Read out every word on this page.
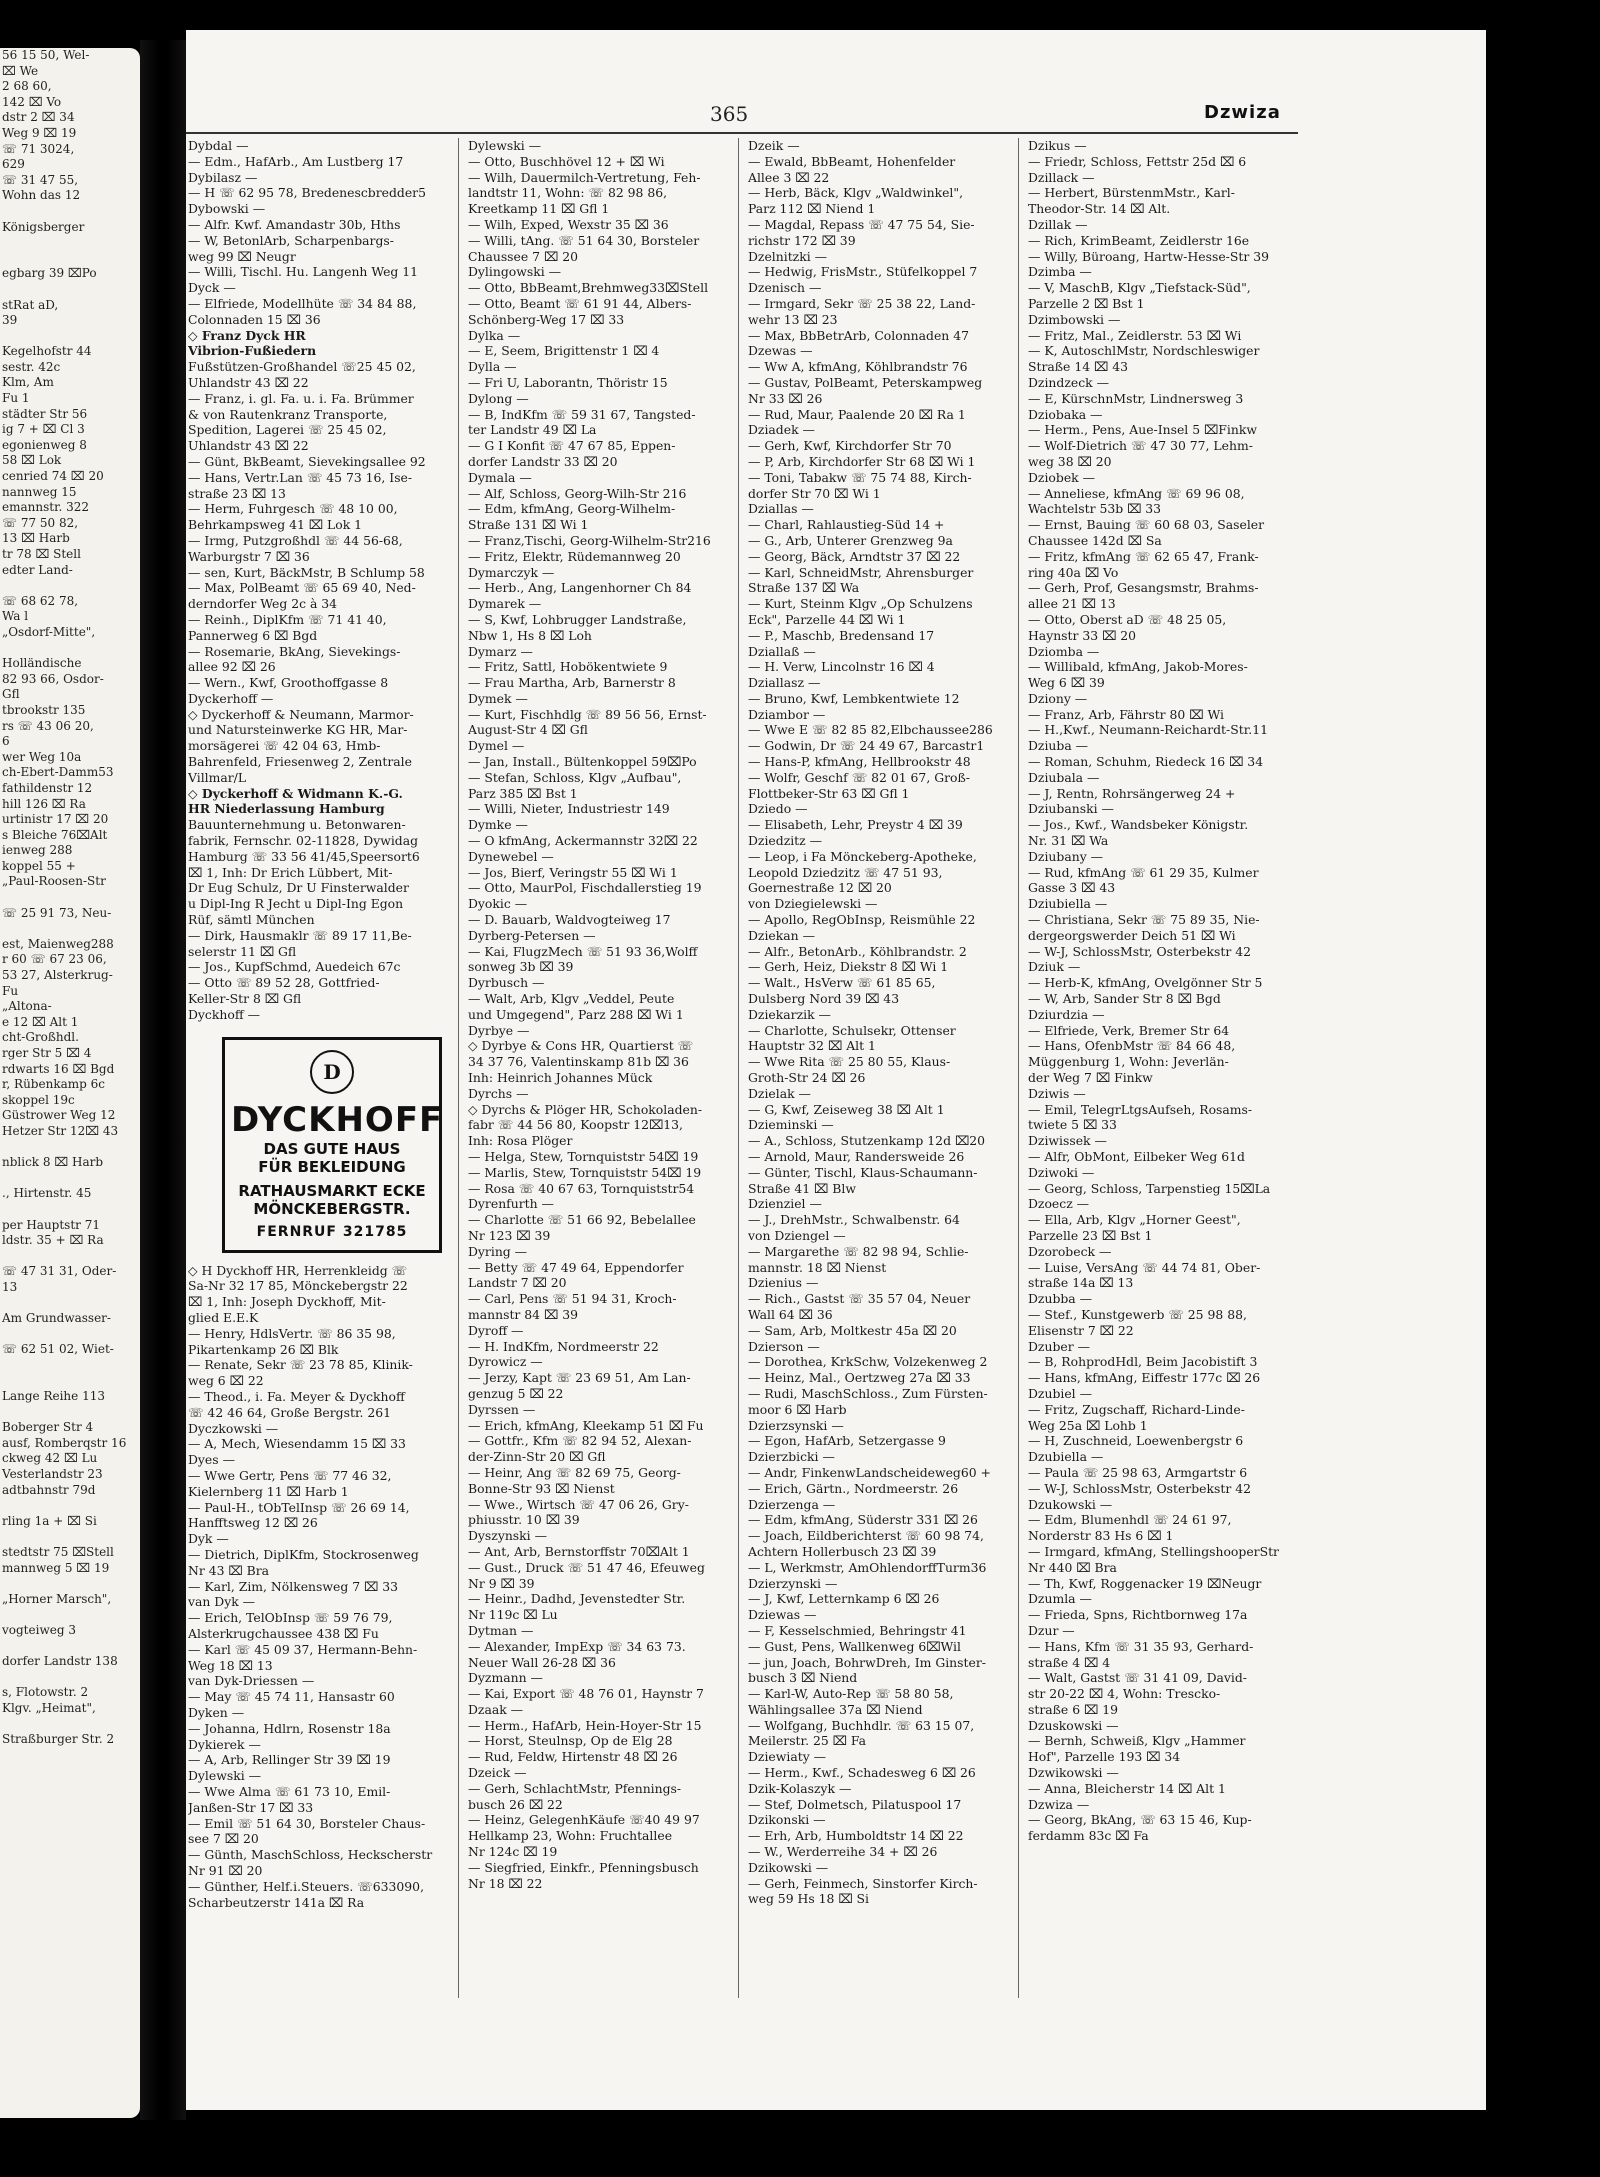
56 15 50, Wel-
⌧ We
2 68 60,
142 ⌧ Vo
dstr 2 ⌧ 34
Weg 9 ⌧ 19
☏ 71 3024,
629
☏ 31 47 55,
Wohn das 12

Königsberger

egbarg 39 ⌧Po

stRat aD,
39

Kegelhofstr 44
sestr. 42c
Klm, Am
Fu 1
städter Str 56
ig 7 + ⌧ Cl 3
egonienweg 8
58 ⌧ Lok
cenried 74 ⌧ 20
nannweg 15
emannstr. 322
☏ 77 50 82,
13 ⌧ Harb
tr 78 ⌧ Stell
edter Land-

☏ 68 62 78,
Wa l
„Osdorf-Mitte",

Holländische
82 93 66, Osdor-
Gfl
tbrookstr 135
rs ☏ 43 06 20,
6
wer Weg 10a
ch-Ebert-Damm53
fathildenstr 12
hill 126 ⌧ Ra
urtinistr 17 ⌧ 20
s Bleiche 76⌧Alt
ienweg 288
koppel 55 +
„Paul-Roosen-Str

☏ 25 91 73, Neu-

est, Maienweg288
r 60 ☏ 67 23 06,
53 27, Alsterkrug-
Fu
„Altona-
e 12 ⌧ Alt 1
cht-Großhdl.
rger Str 5 ⌧ 4
rdwarts 16 ⌧ Bgd
r, Rübenkamp 6c
skoppel 19c
Güstrower Weg 12
Hetzer Str 12⌧ 43

nblick 8 ⌧ Harb

., Hirtenstr. 45

per Hauptstr 71
ldstr. 35 + ⌧ Ra

☏ 47 31 31, Oder-
13

Am Grundwasser-

☏ 62 51 02, Wiet-

Lange Reihe 113

Boberger Str 4
ausf, Romberqstr 16
ckweg 42 ⌧ Lu
Vesterlandstr 23
adtbahnstr 79d

rling 1a + ⌧ Si

stedtstr 75 ⌧Stell
mannweg 5 ⌧ 19

„Horner Marsch",

vogteiweg 3

dorfer Landstr 138

s, Flotowstr. 2
Klgv. „Heimat",

Straßburger Str. 2
365	Dzwiza
Dybdal —
— Edm., HafArb., Am Lustberg 17
Dybilasz —
— H ☏ 62 95 78, Bredenescbredder5
Dybowski —
— Alfr. Kwf. Amandastr 30b, Hths
— W, BetonlArb, Scharpenbargs-
weg 99 ⌧ Neugr
— Willi, Tischl. Hu. Langenh Weg 11
Dyck —
— Elfriede, Modellhüte ☏ 34 84 88,
Colonnaden 15 ⌧ 36
◇ Franz Dyck HR
Vibrion-Fußiedern
Fußstützen-Großhandel ☏25 45 02,
Uhlandstr 43 ⌧ 22
— Franz, i. gl. Fa. u. i. Fa. Brümmer
& von Rautenkranz Transporte,
Spedition, Lagerei ☏ 25 45 02,
Uhlandstr 43 ⌧ 22
— Günt, BkBeamt, Sievekingsallee 92
— Hans, Vertr.Lan ☏ 45 73 16, Ise-
straße 23 ⌧ 13
— Herm, Fuhrgesch ☏ 48 10 00,
Behrkampsweg 41 ⌧ Lok 1
— Irmg, Putzgroßhdl ☏ 44 56-68,
Warburgstr 7 ⌧ 36
— sen, Kurt, BäckMstr, B Schlump 58
— Max, PolBeamt ☏ 65 69 40, Ned-
derndorfer Weg 2c à 34
— Reinh., DiplKfm ☏ 71 41 40,
Pannerweg 6 ⌧ Bgd
— Rosemarie, BkAng, Sievekings-
allee 92 ⌧ 26
— Wern., Kwf, Groothoffgasse 8
Dyckerhoff —
◇ Dyckerhoff & Neumann, Marmor-
und Natursteinwerke KG HR, Mar-
morsägerei ☏ 42 04 63, Hmb-
Bahrenfeld, Friesenweg 2, Zentrale
Villmar/L
◇ Dyckerhoff & Widmann K.-G.
HR Niederlassung Hamburg
Bauunternehmung u. Betonwaren-
fabrik, Fernschr. 02-11828, Dywidag
Hamburg ☏ 33 56 41/45,Speersort6
⌧ 1, Inh: Dr Erich Lübbert, Mit-
Dr Eug Schulz, Dr U Finsterwalder
u Dipl-Ing R Jecht u Dipl-Ing Egon
Rüf, sämtl München
— Dirk, Hausmaklr ☏ 89 17 11,Be-
selerstr 11 ⌧ Gfl
— Jos., KupfSchmd, Auedeich 67c
— Otto ☏ 89 52 28, Gottfried-
Keller-Str 8 ⌧ Gfl
Dyckhoff —
D
DYCKHOFF
DAS GUTE HAUS
FÜR BEKLEIDUNG
RATHAUSMARKT ECKE
MÖNCKEBERGSTR.
FERNRUF 321785
◇ H Dyckhoff HR, Herrenkleidg ☏
Sa-Nr 32 17 85, Mönckebergstr 22
⌧ 1, Inh: Joseph Dyckhoff, Mit-
glied E.E.K
— Henry, HdlsVertr. ☏ 86 35 98,
Pikartenkamp 26 ⌧ Blk
— Renate, Sekr ☏ 23 78 85, Klinik-
weg 6 ⌧ 22
— Theod., i. Fa. Meyer & Dyckhoff
☏ 42 46 64, Große Bergstr. 261
Dyczkowski —
— A, Mech, Wiesendamm 15 ⌧ 33
Dyes —
— Wwe Gertr, Pens ☏ 77 46 32,
Kielernberg 11 ⌧ Harb 1
— Paul-H., tObTelInsp ☏ 26 69 14,
Hanfftsweg 12 ⌧ 26
Dyk —
— Dietrich, DiplKfm, Stockrosenweg
Nr 43 ⌧ Bra
— Karl, Zim, Nölkensweg 7 ⌧ 33
van Dyk —
— Erich, TelObInsp ☏ 59 76 79,
Alsterkrugchaussee 438 ⌧ Fu
— Karl ☏ 45 09 37, Hermann-Behn-
Weg 18 ⌧ 13
van Dyk-Driessen —
— May ☏ 45 74 11, Hansastr 60
Dyken —
— Johanna, Hdlrn, Rosenstr 18a
Dykierek —
— A, Arb, Rellinger Str 39 ⌧ 19
Dylewski —
— Wwe Alma ☏ 61 73 10, Emil-
Janßen-Str 17 ⌧ 33
— Emil ☏ 51 64 30, Borsteler Chaus-
see 7 ⌧ 20
— Günth, MaschSchloss, Heckscherstr
Nr 91 ⌧ 20
— Günther, Helf.i.Steuers. ☏633090,
Scharbeutzerstr 141a ⌧ Ra
Dylewski —
— Otto, Buschhövel 12 + ⌧ Wi
— Wilh, Dauermilch-Vertretung, Feh-
landtstr 11, Wohn: ☏ 82 98 86,
Kreetkamp 11 ⌧ Gfl 1
— Wilh, Exped, Wexstr 35 ⌧ 36
— Willi, tAng. ☏ 51 64 30, Borsteler
Chaussee 7 ⌧ 20
Dylingowski —
— Otto, BbBeamt,Brehmweg33⌧Stell
— Otto, Beamt ☏ 61 91 44, Albers-
Schönberg-Weg 17 ⌧ 33
Dylka —
— E, Seem, Brigittenstr 1 ⌧ 4
Dylla —
— Fri U, Laborantn, Thöristr 15
Dylong —
— B, IndKfm ☏ 59 31 67, Tangsted-
ter Landstr 49 ⌧ La
— G I Konfit ☏ 47 67 85, Eppen-
dorfer Landstr 33 ⌧ 20
Dymala —
— Alf, Schloss, Georg-Wilh-Str 216
— Edm, kfmAng, Georg-Wilhelm-
Straße 131 ⌧ Wi 1
— Franz,Tischi, Georg-Wilhelm-Str216
— Fritz, Elektr, Rüdemannweg 20
Dymarczyk —
— Herb., Ang, Langenhorner Ch 84
Dymarek —
— S, Kwf, Lohbrugger Landstraße,
Nbw 1, Hs 8 ⌧ Loh
Dymarz —
— Fritz, Sattl, Hobökentwiete 9
— Frau Martha, Arb, Barnerstr 8
Dymek —
— Kurt, Fischhdlg ☏ 89 56 56, Ernst-
August-Str 4 ⌧ Gfl
Dymel —
— Jan, Install., Bültenkoppel 59⌧Po
— Stefan, Schloss, Klgv „Aufbau",
Parz 385 ⌧ Bst 1
— Willi, Nieter, Industriestr 149
Dymke —
— O kfmAng, Ackermannstr 32⌧ 22
Dynewebel —
— Jos, Bierf, Veringstr 55 ⌧ Wi 1
— Otto, MaurPol, Fischdallerstieg 19
Dyokic —
— D. Bauarb, Waldvogteiweg 17
Dyrberg-Petersen —
— Kai, FlugzMech ☏ 51 93 36,Wolff
sonweg 3b ⌧ 39
Dyrbusch —
— Walt, Arb, Klgv „Veddel, Peute
und Umgegend", Parz 288 ⌧ Wi 1
Dyrbye —
◇ Dyrbye & Cons HR, Quartierst ☏
34 37 76, Valentinskamp 81b ⌧ 36
Inh: Heinrich Johannes Mück
Dyrchs —
◇ Dyrchs & Plöger HR, Schokoladen-
fabr ☏ 44 56 80, Koopstr 12⌧13,
Inh: Rosa Plöger
— Helga, Stew, Tornquiststr 54⌧ 19
— Marlis, Stew, Tornquiststr 54⌧ 19
— Rosa ☏ 40 67 63, Tornquiststr54
Dyrenfurth —
— Charlotte ☏ 51 66 92, Bebelallee
Nr 123 ⌧ 39
Dyring —
— Betty ☏ 47 49 64, Eppendorfer
Landstr 7 ⌧ 20
— Carl, Pens ☏ 51 94 31, Kroch-
mannstr 84 ⌧ 39
Dyroff —
— H. IndKfm, Nordmeerstr 22
Dyrowicz —
— Jerzy, Kapt ☏ 23 69 51, Am Lan-
genzug 5 ⌧ 22
Dyrssen —
— Erich, kfmAng, Kleekamp 51 ⌧ Fu
— Gottfr., Kfm ☏ 82 94 52, Alexan-
der-Zinn-Str 20 ⌧ Gfl
— Heinr, Ang ☏ 82 69 75, Georg-
Bonne-Str 93 ⌧ Nienst
— Wwe., Wirtsch ☏ 47 06 26, Gry-
phiusstr. 10 ⌧ 39
Dyszynski —
— Ant, Arb, Bernstorffstr 70⌧Alt 1
— Gust., Druck ☏ 51 47 46, Efeuweg
Nr 9 ⌧ 39
— Heinr., Dadhd, Jevenstedter Str.
Nr 119c ⌧ Lu
Dytman —
— Alexander, ImpExp ☏ 34 63 73.
Neuer Wall 26-28 ⌧ 36
Dyzmann —
— Kai, Export ☏ 48 76 01, Haynstr 7
Dzaak —
— Herm., HafArb, Hein-Hoyer-Str 15
— Horst, Steulnsp, Op de Elg 28
— Rud, Feldw, Hirtenstr 48 ⌧ 26
Dzeick —
— Gerh, SchlachtMstr, Pfennings-
busch 26 ⌧ 22
— Heinz, GelegenhKäufe ☏40 49 97
Hellkamp 23, Wohn: Fruchtallee
Nr 124c ⌧ 19
— Siegfried, Einkfr., Pfenningsbusch
Nr 18 ⌧ 22
Dzeik —
— Ewald, BbBeamt, Hohenfelder
Allee 3 ⌧ 22
— Herb, Bäck, Klgv „Waldwinkel",
Parz 112 ⌧ Niend 1
— Magdal, Repass ☏ 47 75 54, Sie-
richstr 172 ⌧ 39
Dzelnitzki —
— Hedwig, FrisMstr., Stüfelkoppel 7
Dzenisch —
— Irmgard, Sekr ☏ 25 38 22, Land-
wehr 13 ⌧ 23
— Max, BbBetrArb, Colonnaden 47
Dzewas —
— Ww A, kfmAng, Köhlbrandstr 76
— Gustav, PolBeamt, Peterskampweg
Nr 33 ⌧ 26
— Rud, Maur, Paalende 20 ⌧ Ra 1
Dziadek —
— Gerh, Kwf, Kirchdorfer Str 70
— P, Arb, Kirchdorfer Str 68 ⌧ Wi 1
— Toni, Tabakw ☏ 75 74 88, Kirch-
dorfer Str 70 ⌧ Wi 1
Dziallas —
— Charl, Rahlaustieg-Süd 14 +
— G., Arb, Unterer Grenzweg 9a
— Georg, Bäck, Arndtstr 37 ⌧ 22
— Karl, SchneidMstr, Ahrensburger
Straße 137 ⌧ Wa
— Kurt, Steinm Klgv „Op Schulzens
Eck", Parzelle 44 ⌧ Wi 1
— P., Maschb, Bredensand 17
Dziallaß —
— H. Verw, Lincolnstr 16 ⌧ 4
Dziallasz —
— Bruno, Kwf, Lembkentwiete 12
Dziambor —
— Wwe E ☏ 82 85 82,Elbchaussee286
— Godwin, Dr ☏ 24 49 67, Barcastr1
— Hans-P, kfmAng, Hellbrookstr 48
— Wolfr, Geschf ☏ 82 01 67, Groß-
Flottbeker-Str 63 ⌧ Gfl 1
Dziedo —
— Elisabeth, Lehr, Preystr 4 ⌧ 39
Dziedzitz —
— Leop, i Fa Mönckeberg-Apotheke,
Leopold Dziedzitz ☏ 47 51 93,
Goernestraße 12 ⌧ 20
von Dziegielewski —
— Apollo, RegObInsp, Reismühle 22
Dziekan —
— Alfr., BetonArb., Köhlbrandstr. 2
— Gerh, Heiz, Diekstr 8 ⌧ Wi 1
— Walt., HsVerw ☏ 61 85 65,
Dulsberg Nord 39 ⌧ 43
Dziekarzik —
— Charlotte, Schulsekr, Ottenser
Hauptstr 32 ⌧ Alt 1
— Wwe Rita ☏ 25 80 55, Klaus-
Groth-Str 24 ⌧ 26
Dzielak —
— G, Kwf, Zeiseweg 38 ⌧ Alt 1
Dzieminski —
— A., Schloss, Stutzenkamp 12d ⌧20
— Arnold, Maur, Randersweide 26
— Günter, Tischl, Klaus-Schaumann-
Straße 41 ⌧ Blw
Dzienziel —
— J., DrehMstr., Schwalbenstr. 64
von Dziengel —
— Margarethe ☏ 82 98 94, Schlie-
mannstr. 18 ⌧ Nienst
Dzienius —
— Rich., Gastst ☏ 35 57 04, Neuer
Wall 64 ⌧ 36
— Sam, Arb, Moltkestr 45a ⌧ 20
Dzierson —
— Dorothea, KrkSchw, Volzekenweg 2
— Heinz, Mal., Oertzweg 27a ⌧ 33
— Rudi, MaschSchloss., Zum Fürsten-
moor 6 ⌧ Harb
Dzierzsynski —
— Egon, HafArb, Setzergasse 9
Dzierzbicki —
— Andr, FinkenwLandscheideweg60 +
— Erich, Gärtn., Nordmeerstr. 26
Dzierzenga —
— Edm, kfmAng, Süderstr 331 ⌧ 26
— Joach, Eildberichterst ☏ 60 98 74,
Achtern Hollerbusch 23 ⌧ 39
— L, Werkmstr, AmOhlendorffTurm36
Dzierzynski —
— J, Kwf, Letternkamp 6 ⌧ 26
Dziewas —
— F, Kesselschmied, Behringstr 41
— Gust, Pens, Wallkenweg 6⌧Wil
— jun, Joach, BohrwDreh, Im Ginster-
busch 3 ⌧ Niend
— Karl-W, Auto-Rep ☏ 58 80 58,
Wählingsallee 37a ⌧ Niend
— Wolfgang, Buchhdlr. ☏ 63 15 07,
Meilerstr. 25 ⌧ Fa
Dziewiaty —
— Herm., Kwf., Schadesweg 6 ⌧ 26
Dzik-Kolaszyk —
— Stef, Dolmetsch, Pilatuspool 17
Dzikonski —
— Erh, Arb, Humboldtstr 14 ⌧ 22
— W., Werderreihe 34 + ⌧ 26
Dzikowski —
— Gerh, Feinmech, Sinstorfer Kirch-
weg 59 Hs 18 ⌧ Si
Dzikus —
— Friedr, Schloss, Fettstr 25d ⌧ 6
Dzillack —
— Herbert, BürstenmMstr., Karl-
Theodor-Str. 14 ⌧ Alt.
Dzillak —
— Rich, KrimBeamt, Zeidlerstr 16e
— Willy, Büroang, Hartw-Hesse-Str 39
Dzimba —
— V, MaschB, Klgv „Tiefstack-Süd",
Parzelle 2 ⌧ Bst 1
Dzimbowski —
— Fritz, Mal., Zeidlerstr. 53 ⌧ Wi
— K, AutoschlMstr, Nordschleswiger
Straße 14 ⌧ 43
Dzindzeck —
— E, KürschnMstr, Lindnersweg 3
Dziobaka —
— Herm., Pens, Aue-Insel 5 ⌧Finkw
— Wolf-Dietrich ☏ 47 30 77, Lehm-
weg 38 ⌧ 20
Dziobek —
— Anneliese, kfmAng ☏ 69 96 08,
Wachtelstr 53b ⌧ 33
— Ernst, Bauing ☏ 60 68 03, Saseler
Chaussee 142d ⌧ Sa
— Fritz, kfmAng ☏ 62 65 47, Frank-
ring 40a ⌧ Vo
— Gerh, Prof, Gesangsmstr, Brahms-
allee 21 ⌧ 13
— Otto, Oberst aD ☏ 48 25 05,
Haynstr 33 ⌧ 20
Dziomba —
— Willibald, kfmAng, Jakob-Mores-
Weg 6 ⌧ 39
Dziony —
— Franz, Arb, Fährstr 80 ⌧ Wi
— H.,Kwf., Neumann-Reichardt-Str.11
Dziuba —
— Roman, Schuhm, Riedeck 16 ⌧ 34
Dziubala —
— J, Rentn, Rohrsängerweg 24 +
Dziubanski —
— Jos., Kwf., Wandsbeker Königstr.
Nr. 31 ⌧ Wa
Dziubany —
— Rud, kfmAng ☏ 61 29 35, Kulmer
Gasse 3 ⌧ 43
Dziubiella —
— Christiana, Sekr ☏ 75 89 35, Nie-
dergeorgswerder Deich 51 ⌧ Wi
— W-J, SchlossMstr, Osterbekstr 42
Dziuk —
— Herb-K, kfmAng, Ovelgönner Str 5
— W, Arb, Sander Str 8 ⌧ Bgd
Dziurdzia —
— Elfriede, Verk, Bremer Str 64
— Hans, OfenbMstr ☏ 84 66 48,
Müggenburg 1, Wohn: Jeverlän-
der Weg 7 ⌧ Finkw
Dziwis —
— Emil, TelegrLtgsAufseh, Rosams-
twiete 5 ⌧ 33
Dziwissek —
— Alfr, ObMont, Eilbeker Weg 61d
Dziwoki —
— Georg, Schloss, Tarpenstieg 15⌧La
Dzoecz —
— Ella, Arb, Klgv „Horner Geest",
Parzelle 23 ⌧ Bst 1
Dzorobeck —
— Luise, VersAng ☏ 44 74 81, Ober-
straße 14a ⌧ 13
Dzubba —
— Stef., Kunstgewerb ☏ 25 98 88,
Elisenstr 7 ⌧ 22
Dzuber —
— B, RohprodHdl, Beim Jacobistift 3
— Hans, kfmAng, Eiffestr 177c ⌧ 26
Dzubiel —
— Fritz, Zugschaff, Richard-Linde-
Weg 25a ⌧ Lohb 1
— H, Zuschneid, Loewenbergstr 6
Dzubiella —
— Paula ☏ 25 98 63, Armgartstr 6
— W-J, SchlossMstr, Osterbekstr 42
Dzukowski —
— Edm, Blumenhdl ☏ 24 61 97,
Norderstr 83 Hs 6 ⌧ 1
— Irmgard, kfmAng, StellingshooperStr
Nr 440 ⌧ Bra
— Th, Kwf, Roggenacker 19 ⌧Neugr
Dzumla —
— Frieda, Spns, Richtbornweg 17a
Dzur —
— Hans, Kfm ☏ 31 35 93, Gerhard-
straße 4 ⌧ 4
— Walt, Gastst ☏ 31 41 09, David-
str 20-22 ⌧ 4, Wohn: Trescko-
straße 6 ⌧ 19
Dzuskowski —
— Bernh, Schweiß, Klgv „Hammer
Hof", Parzelle 193 ⌧ 34
Dzwikowski —
— Anna, Bleicherstr 14 ⌧ Alt 1
Dzwiza —
— Georg, BkAng, ☏ 63 15 46, Kup-
ferdamm 83c ⌧ Fa
